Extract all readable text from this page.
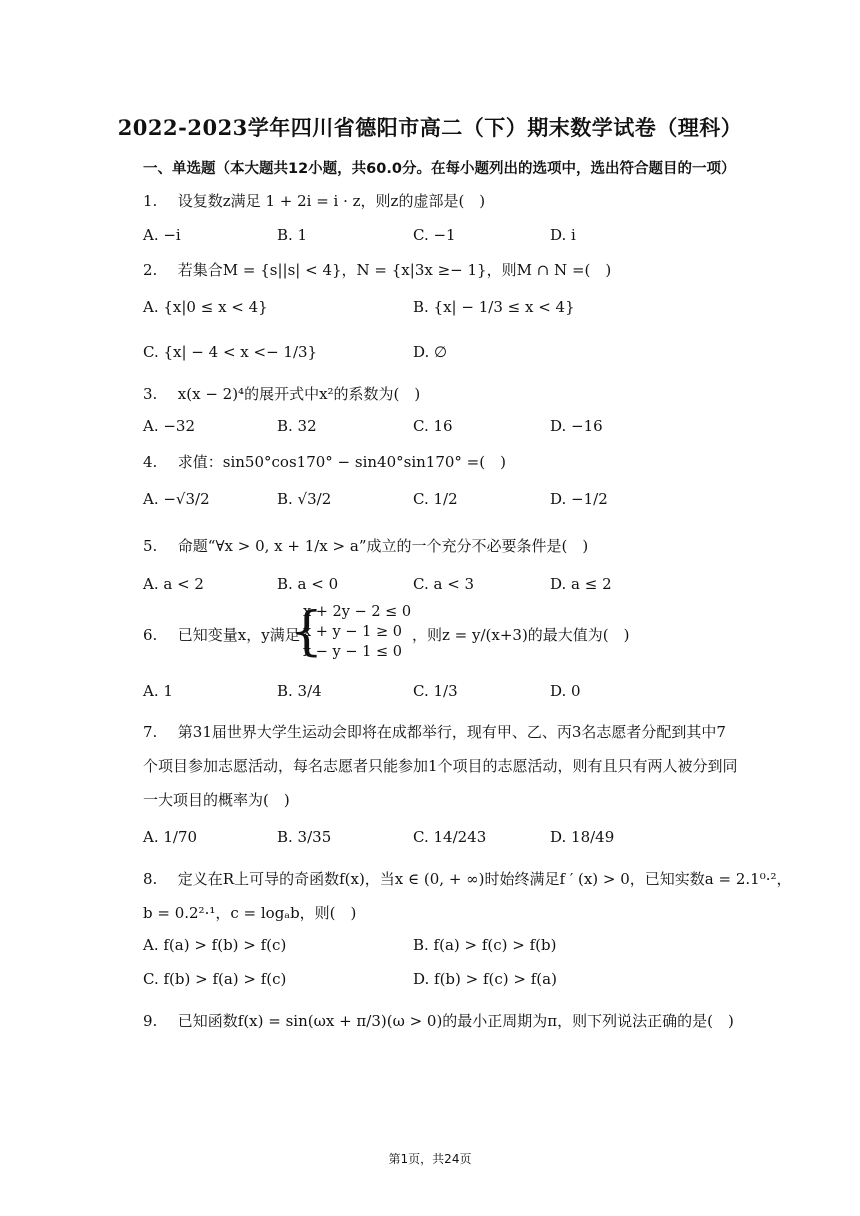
2022-2023学年四川省德阳市高二（下）期末数学试卷（理科）
一、单选题（本大题共12小题，共60.0分。在每小题列出的选项中，选出符合题目的一项）
1. 设复数z满足 1 + 2i = i · z，则z的虚部是(　)
A. −i	B. 1	C. −1	D. i
2. 若集合M = {s||s| < 4}，N = {x|3x ≥− 1}，则M ∩ N =(　)
A. {x|0 ≤ x < 4}	B. {x| − 1/3 ≤ x < 4}
C. {x| − 4 < x <− 1/3}	D. ∅
3. x(x − 2)⁴的展开式中x²的系数为(　)
A. −32	B. 32	C. 16	D. −16
4. 求值：sin50°cos170° − sin40°sin170° =(　)
A. −√3/2	B. √3/2	C. 1/2	D. −1/2
5. 命题“∀x > 0, x + 1/x > a”成立的一个充分不必要条件是(　)
A. a < 2	B. a < 0	C. a < 3	D. a ≤ 2
6. 已知变量x，y满足
{
x + 2y − 2 ≤ 0
x + y − 1 ≥ 0
x − y − 1 ≤ 0
，则z = y/(x+3)的最大值为(　)
A. 1	B. 3/4	C. 1/3	D. 0
7. 第31届世界大学生运动会即将在成都举行，现有甲、乙、丙3名志愿者分配到其中7
个项目参加志愿活动，每名志愿者只能参加1个项目的志愿活动，则有且只有两人被分到同
一大项目的概率为(　)
A. 1/70	B. 3/35	C. 14/243	D. 18/49
8. 定义在R上可导的奇函数f(x)，当x ∈ (0, + ∞)时始终满足f ′ (x) > 0，已知实数a = 2.1⁰·²，
b = 0.2²·¹，c = logₐb，则(　)
A. f(a) > f(b) > f(c)	B. f(a) > f(c) > f(b)
C. f(b) > f(a) > f(c)	D. f(b) > f(c) > f(a)
9. 已知函数f(x) = sin(ωx + π/3)(ω > 0)的最小正周期为π，则下列说法正确的是(　)
第1页，共24页
